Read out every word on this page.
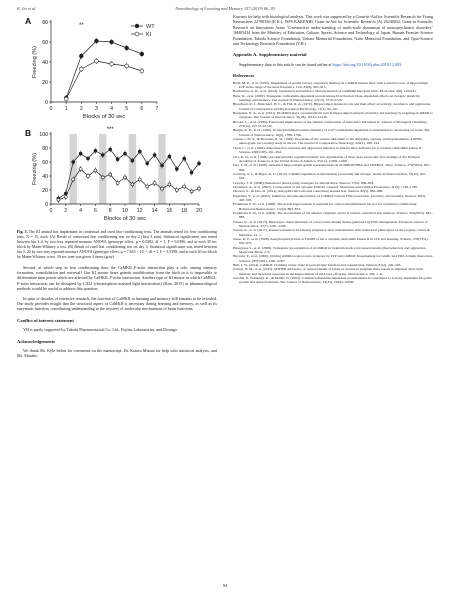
K. Ito et al.	Neurobiology of Learning and Memory 157 (2019) 86–95
0
20
40
60
80
0 1 2 3 4 5 6 7
Freezing (%)
Blocks of 30 sec
A
WT
KI
**
0
20
40
60
80
100
0 2 4 6 8 10 12 14 16 18 20
Freezing (%)
Blocks of 30 sec
B	***
Fig. 5. The KI animal has impairment in contextual and cued fear conditioning tests. The animals tested for fear conditioning tests, N = 15, each. (A) Result of contextual fear conditioning test on day 2 (first 3 min). Statistical significance was tested between bin 1–6 by two-way repeated measure ANOVA (genotype effect, p = 0.0282, df = 1, F = 6.0396, and at each 30 sec block by Mann-Whitney u test. (B) Result of cued fear conditioning test on day 3. Statistical significance was tested between bin 5–20 by two-way repeated measure ANOVA (genotype effect, p = 7.845 × 10⁻³, df = 1, F = 3.5598, and at each 30 sec block by Mann-Whitney u test. 30 sec tone was given 4 times (gray).

Second, at which step in fear conditioning does the CaMKII–F-actin interaction play a role, among memory formation, consolidation and retrieval? Our KI mouse bears genetic modification from the birth so it is impossible to differentiate time points which are affected by CaMKII–F-actin interaction. Another type of KI mouse in which CaMKII–F-actin interaction can be disrupted by CALI (chromophore-assisted light inactivation) (Kim, 2015) or pharmacological methods would be useful to address this question.

In spite of decades of extensive research, the function of CaMKII in learning and memory still remains to be revealed. Our study provides insight that the structural aspect of CaMKII is necessary during learning and memory, as well as its enzymatic function, contributing understanding to the mystery of molecular mechanisms of brain functions.

Conflict of interest statement

YH is partly supported by Takeda Pharmaceutical Co. Ltd., Fujitsu Laboratories, and Dwango.

Acknowledgements

We thank Mr. Kyle Irelon for comments on the manuscript, Dr. Kotaro Mizuta for help with statistical analysis, and Ms. Masako

Kawano for help with histological analysis. This work was supported by a Grant-in-Aid for Scientific Research for Young Researchers 22700356 (K.K.), JSPS KAKENHI, Grant-in-Aid for Scientific Research (A) 26240032, Grant-in Scientific Research on Innovation Areas "Constructive under-standing of multi-scale dynamism of neuropsychiatric disorders" 16H05434 from the Ministry of Education, Culture, Sports, Science and Technology of Japan, Human Frontier Science Foundation, Takeda Science Foundation, Uehara Memorial Foundation, Naito Memorial Foundation, and Opto-Science and Technology Research Foundation (Y.H.).

Appendix A. Supplementary material

Supplementary data to this article can be found online at https://doi.org/10.1016/j.nlm.2018.12.003.

References
Bach, M. E., et al. (1995). Impairment of spatial but not contextual memory in CaMKII mutant mice with a selective loss of hippocampal LTP in the range of the theta frequency. Cell, 81(6), 905–915.
Bachstetter, A. D., et al. (2014). Generation and behavior characterization of CaMKIIβ knockout mice. PLoS One, 9(8), e105191.
Bejar, R., et al. (2002). Transgenic calmodulin-dependent protein kinase II activation: Dose-dependent effects on synaptic plasticity, learning, and memory. The Journal of Neuroscience, 22(13), 5719–5726.
Blanchard, R. J., Blanchard, D. C., & Fial, R. A. (1970). Hippocampal lesions in rats and their effect on activity, avoidance, and aggression. Journal of Comparative and Physiological Psychology, 71(1), 92–101.
Borgesius, N. Z., et al. (2011). βCaMKII plays a nonenzymatic role in hippocampal synaptic plasticity and learning by targeting αCaMKII to synapses. The Journal of Neuroscience, 31(28), 10141–10148.
Brocke, L., et al. (1999). Functional implications of the subunit composition of neuronal CaM kinase II. Journal of Biological Chemistry, 274(32), 22713–22722.
Burgin, K. E., et al. (1990). In situ hybridization histochemistry of Ca2+/calmodulin-dependent protein kinase in developing rat brain. The Journal of Neuroscience, 10(6), 1788–1798.
Carrasco, M. S., & Bracamo, R. W. (1992). Properties of the ventral subiculum to the amygdala, septum, and hypothalamus: A PHAL anterograde tract-tracing study in the rat. The Journal of Comparative Neurology, 324(2), 180–194.
Chen, C., et al. (1994). Abnormal fear response and aggressive behavior in mutant mice deficient for α-calcium-calmodulin kinase II. Science, 266(5183), 291–294.
Cho, K. O., et al. (1998). An appropriately-regulated density and organization of three more molecules. Proceedings of the National Academy of Sciences of the United States of America, 95(12), 11956–11961.
Cho, Y. H., et al. (1998). Abnormal hippocampal spatial representations in αCaMKIIT286A and CREBαΔ– mice. Science, 279(5352), 867–869.
Coultrap, S. J., & Bayer, K. U. (2012). CaMKII regulation in information processing and storage. Trends in Neurosciences, 35(10), 607–618.
Crawley, J. N. (2008). Behavioral phenotyping strategies for mutant mice. Neuron, 57(6), 809–818.
Dosemeci, A., et al. (2007). Composition of the synaptic PSD-95 complex. Molecular and Cellular Proteomics, 6(10), 1749–1760.
Duvarci, S., & Pare, D. (2014). Amygdala microcircuits controlling learned fear. Neuron, 82(5), 966–980.
Elgersma, Y., et al. (2002). Inhibitory autophosphorylation of CaMKII controls PSD association, plasticity, and learning. Neuron, 36(3), 493–505.
Frankland, P. W., et al. (1998). The dorsal hippocampus is essential for context discrimination but not for contextual conditioning. Behavioral Neuroscience, 112(4), 863–874.
Frankland, P. W., et al. (2004). The involvement of the anterior cingulate cortex in remote contextual fear memory. Science, 304(5672), 881–883.
Furuse, K., et al. (2013). Phenotypic characterization of a new Grin1 mutant mouse generated by ENU mutagenesis. European Journal of Neuroscience, 37(7), 1281–1290.
Furuse, K., et al. (2017). Presence mutation and during pregnancy after reinstatement after behavioral phenotypes of the progeny. Genes & Nutrition, 12, 1.
Giese, K. P., et al. (1998). Autophosphorylation at Thr286 of the α calcium-calmodulin kinase II in LTP and learning. Science, 279(5352), 870–873.
Hasegawa, S., et al. (2009). Transgenic up-regulation of αCaMKII in forebrain leads to increased anxiety-like behaviors and aggression. Molecular Brain, 2, 6.
Hayashi, Y., et al. (2000). Driving AMPA receptors into synapses by LTP and CaMKII: Requirement for GluR1 and PDZ domain interaction. Science, 287(5461), 2262–2267.
Hell, J. W. (2014). CaMKII: Claiming center stage in postsynaptic function and organization. Neuron, 81(2), 249–265.
Jadavji, N. M., et al. (2015). MTHFR deficiency or reduced intake of folate or choline in pregnant mice results in impaired short-term memory and increased apoptosis in the hippocampus of wild-type offspring. Neuroscience, 300, 1–9.
Jourdan, P., Fukunaga, K., & Muller, D. (2003). Calcium/calmodulin-dependent protein kinase II contributes to activity-dependent filopodia growth and spine formation. The Journal of Neuroscience, 23(33), 10645–10649.
94
